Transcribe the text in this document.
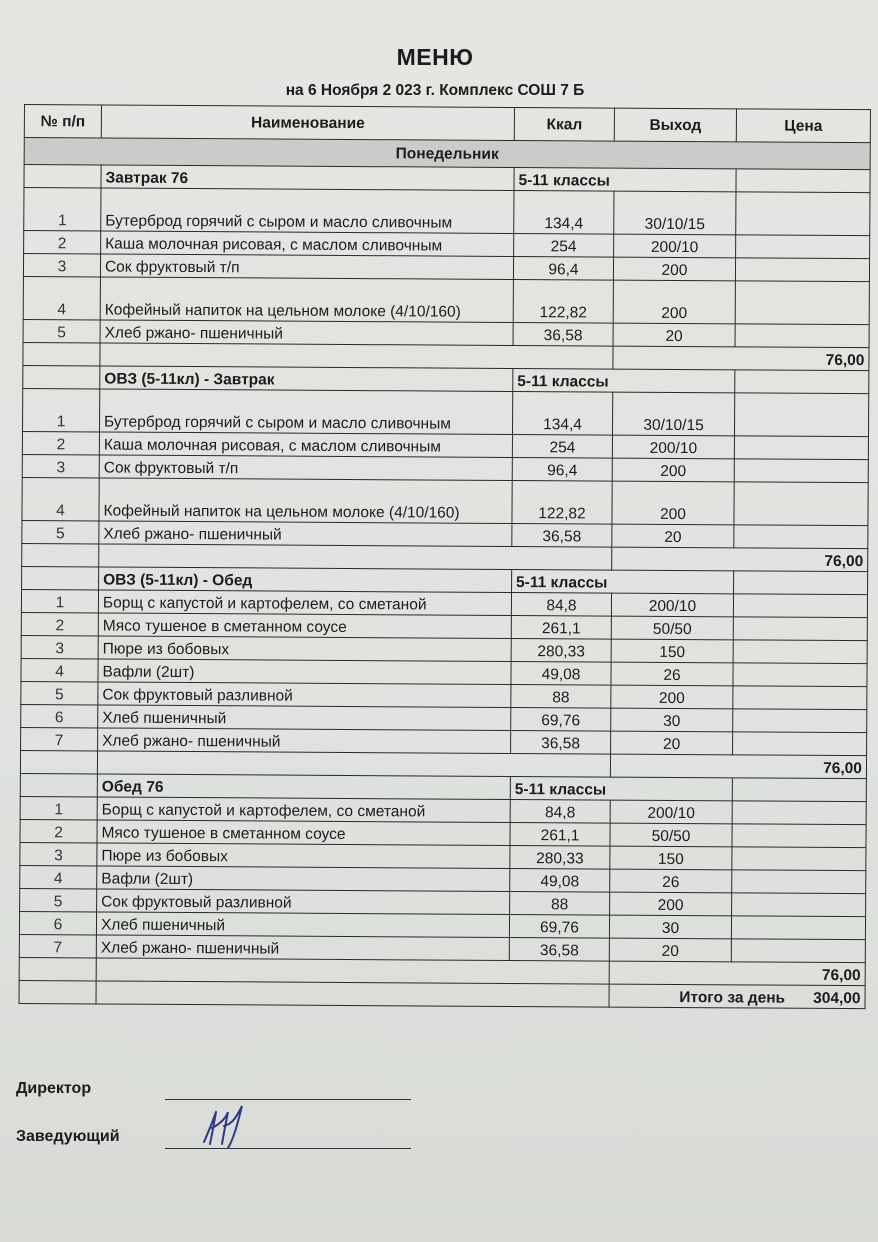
МЕНЮ
на 6 Ноября 2 023 г. Комплекс СОШ 7 Б
№ п/п	Наименование	Ккал	Выход	Цена
Понедельник				
	Завтрак 76	5-11 классы		
1	Бутерброд горячий с сыром и масло сливочным	134,4	30/10/15	
2	Каша молочная рисовая, с маслом сливочным	254	200/10	
3	Сок фруктовый т/п	96,4	200	
4	Кофейный напиток на цельном молоке (4/10/160)	122,82	200	
5	Хлеб ржано- пшеничный	36,58	20	
			76,00	
	ОВЗ (5-11кл) - Завтрак	5-11 классы		
1	Бутерброд горячий с сыром и масло сливочным	134,4	30/10/15	
2	Каша молочная рисовая, с маслом сливочным	254	200/10	
3	Сок фруктовый т/п	96,4	200	
4	Кофейный напиток на цельном молоке (4/10/160)	122,82	200	
5	Хлеб ржано- пшеничный	36,58	20	
			76,00	
	ОВЗ (5-11кл) - Обед	5-11 классы		
1	Борщ с капустой и картофелем, со сметаной	84,8	200/10	
2	Мясо тушеное в сметанном соусе	261,1	50/50	
3	Пюре из бобовых	280,33	150	
4	Вафли (2шт)	49,08	26	
5	Сок фруктовый разливной	88	200	
6	Хлеб пшеничный	69,76	30	
7	Хлеб ржано- пшеничный	36,58	20	
			76,00	
	Обед 76	5-11 классы		
1	Борщ с капустой и картофелем, со сметаной	84,8	200/10	
2	Мясо тушеное в сметанном соусе	261,1	50/50	
3	Пюре из бобовых	280,33	150	
4	Вафли (2шт)	49,08	26	
5	Сок фруктовый разливной	88	200	
6	Хлеб пшеничный	69,76	30	
7	Хлеб ржано- пшеничный	36,58	20	
			76,00	
			Итого за день 304,00	
Директор
Заведующий
